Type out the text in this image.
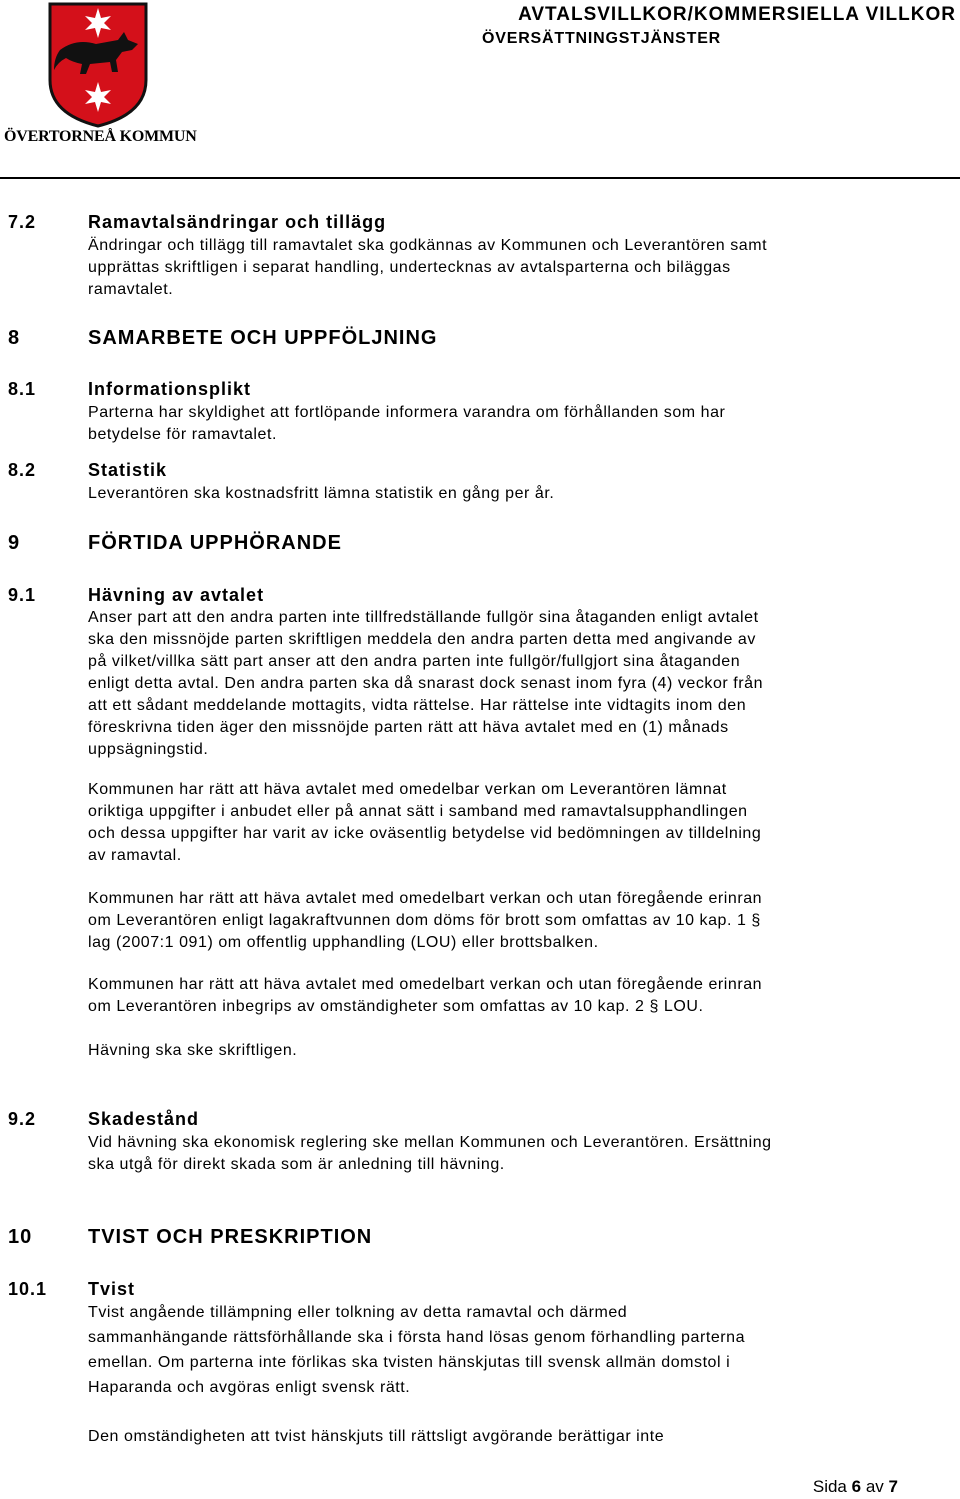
ÖVERTORNEÅ KOMMUN
AVTALSVILLKOR/KOMMERSIELLA VILLKOR
ÖVERSÄTTNINGSTJÄNSTER
7.2	Ramavtalsändringar och tillägg
Ändringar och tillägg till ramavtalet ska godkännas av Kommunen och Leverantören samt
upprättas skriftligen i separat handling, undertecknas av avtalsparterna och biläggas
ramavtalet.
8	SAMARBETE OCH UPPFÖLJNING
8.1	Informationsplikt
Parterna har skyldighet att fortlöpande informera varandra om förhållanden som har
betydelse för ramavtalet.
8.2	Statistik
Leverantören ska kostnadsfritt lämna statistik en gång per år.
9	FÖRTIDA UPPHÖRANDE
9.1	Hävning av avtalet
Anser part att den andra parten inte tillfredställande fullgör sina åtaganden enligt avtalet
ska den missnöjde parten skriftligen meddela den andra parten detta med angivande av
på vilket/villka sätt part anser att den andra parten inte fullgör/fullgjort sina åtaganden
enligt detta avtal. Den andra parten ska då snarast dock senast inom fyra (4) veckor från
att ett sådant meddelande mottagits, vidta rättelse. Har rättelse inte vidtagits inom den
föreskrivna tiden äger den missnöjde parten rätt att häva avtalet med en (1) månads
uppsägningstid.
Kommunen har rätt att häva avtalet med omedelbar verkan om Leverantören lämnat
oriktiga uppgifter i anbudet eller på annat sätt i samband med ramavtalsupphandlingen
och dessa uppgifter har varit av icke oväsentlig betydelse vid bedömningen av tilldelning
av ramavtal.
Kommunen har rätt att häva avtalet med omedelbart verkan och utan föregående erinran
om Leverantören enligt lagakraftvunnen dom döms för brott som omfattas av 10 kap. 1 §
lag (2007:1 091) om offentlig upphandling (LOU) eller brottsbalken.
Kommunen har rätt att häva avtalet med omedelbart verkan och utan föregående erinran
om Leverantören inbegrips av omständigheter som omfattas av 10 kap. 2 § LOU.
Hävning ska ske skriftligen.
9.2	Skadestånd
Vid hävning ska ekonomisk reglering ske mellan Kommunen och Leverantören. Ersättning
ska utgå för direkt skada som är anledning till hävning.
10	TVIST OCH PRESKRIPTION
10.1 Tvist
Tvist angående tillämpning eller tolkning av detta ramavtal och därmed
sammanhängande rättsförhållande ska i första hand lösas genom förhandling parterna
emellan. Om parterna inte förlikas ska tvisten hänskjutas till svensk allmän domstol i
Haparanda och avgöras enligt svensk rätt.
Den omständigheten att tvist hänskjuts till rättsligt avgörande berättigar inte
Sida 6 av 7
